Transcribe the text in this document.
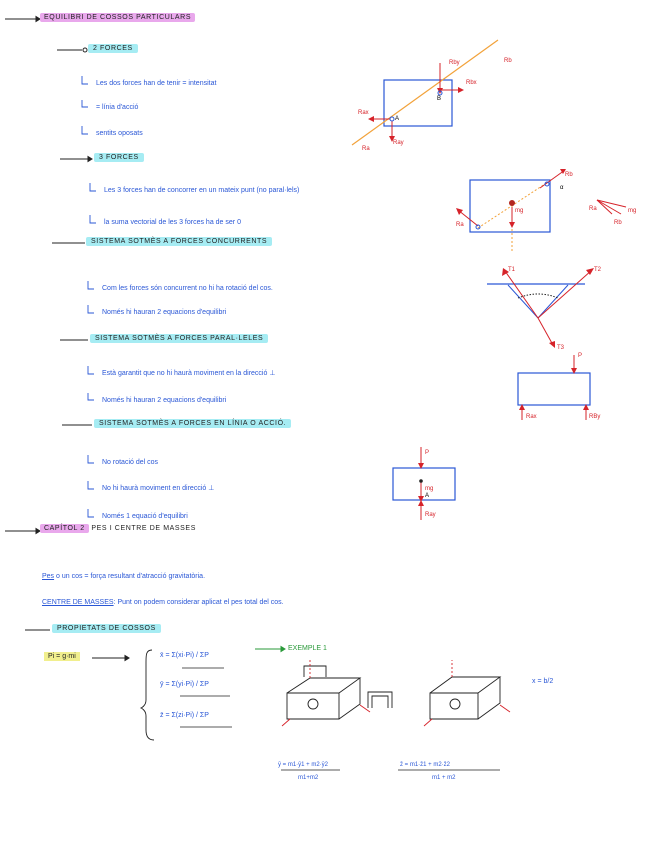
EQUILIBRI DE COSSOS PARTICULARS
2 FORCES
3 FORCES
SISTEMA SOTMÈS A FORCES CONCURRENTS
SISTEMA SOTMÈS A FORCES PARAL·LELES
SISTEMA SOTMÈS A FORCES EN LÍNIA O ACCIÓ.
CAPÍTOL 2 PES I CENTRE DE MASSES
PROPIETATS DE COSSOS
Les dos forces han de tenir = intensitat
= línia d'acció
sentits oposats
Les 3 forces han de concorrer en un mateix punt (no paral·lels)
la suma vectorial de les 3 forces ha de ser 0
Com les forces són concurrent no hi ha rotació del cos.
Només hi hauran 2 equacions d'equilibri
Està garantit que no hi haurà moviment en la direcció ⊥
Només hi hauran 2 equacions d'equilibri
No rotació del cos
No hi haurà moviment en direcció ⊥
Només 1 equació d'equilibri
Pes o un cos = força resultant d'atracció gravitatòria.
CENTRE DE MASSES: Punt on podem considerar aplicat el pes total del cos.
Pi = g·mi	x̄ = Σ(xi·Pi) / ΣP
ȳ = Σ(yi·Pi) / ΣP
z̄ = Σ(zi·Pi) / ΣP
EXEMPLE 1
x = b/2
ȳ = m1·ȳ1 + m2·ȳ2
m1+m2
z̄ = m1·z̄1 + m2·z̄2
m1 + m2
Rby
Rbx
Rax
Ray
Ra
Rb
A
B
Rb
Ra
mg
α
Ra
Rb
mg
T1	T2
T3
P
Rax	RBy
P
mg
A
Ray
